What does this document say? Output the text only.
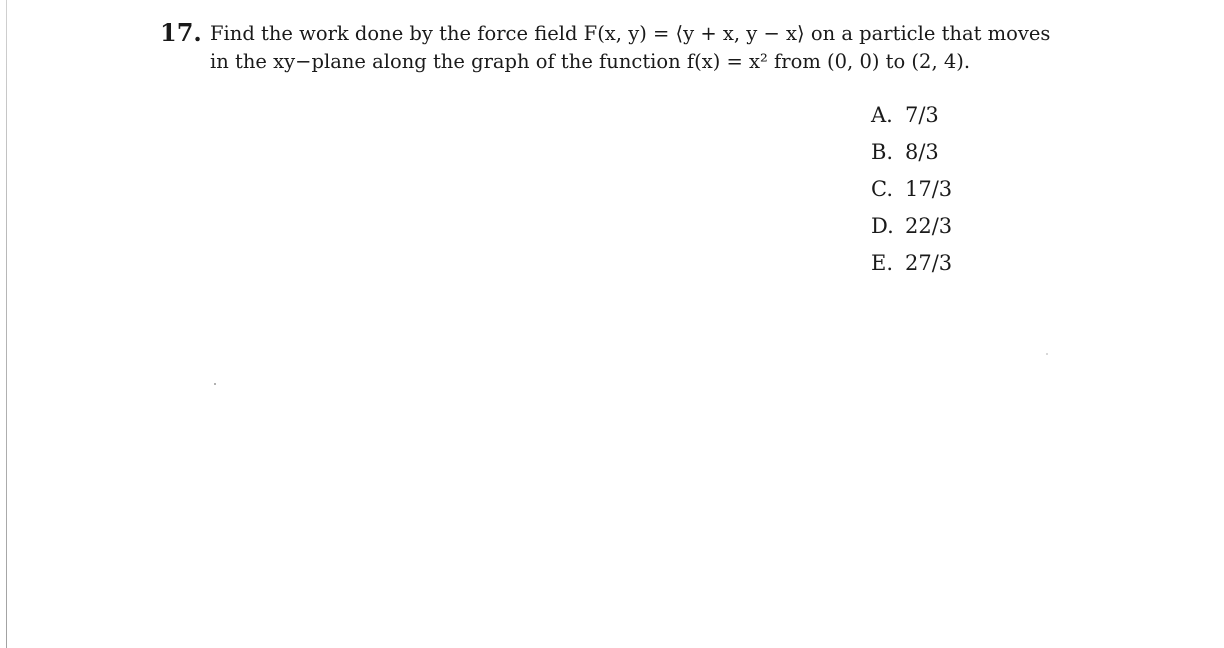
17. Find the work done by the force field F(x, y) = ⟨y + x, y − x⟩ on a particle that moves
in the xy−plane along the graph of the function f(x) = x² from (0, 0) to (2, 4).
A. 7/3
B. 8/3
C. 17/3
D. 22/3
E. 27/3
